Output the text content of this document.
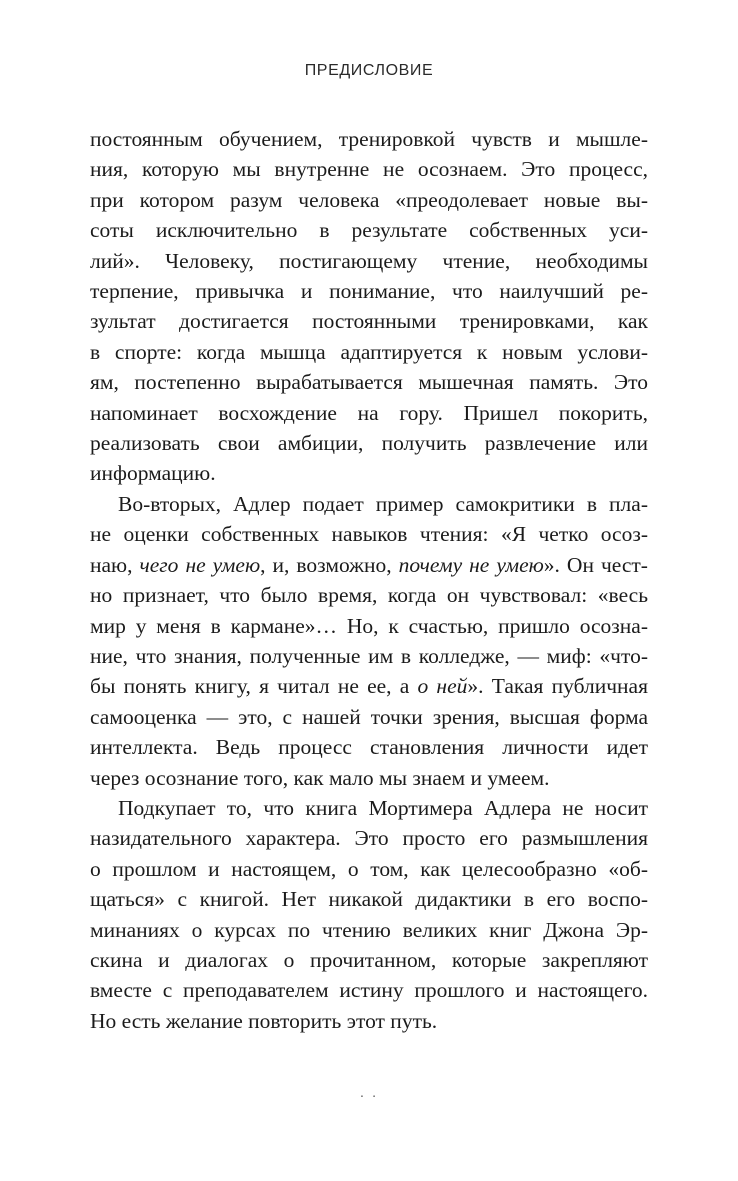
ПРЕДИСЛОВИЕ

постоянным обучением, тренировкой чувств и мышле-
ния, которую мы внутренне не осознаем. Это процесс,
при котором разум человека «преодолевает новые вы-
соты исключительно в результате собственных уси-
лий». Человеку, постигающему чтение, необходимы
терпение, привычка и понимание, что наилучший ре-
зультат достигается постоянными тренировками, как
в спорте: когда мышца адаптируется к новым услови-
ям, постепенно вырабатывается мышечная память. Это
напоминает восхождение на гору. Пришел покорить,
реализовать свои амбиции, получить развлечение или
информацию.

Во-вторых, Адлер подает пример самокритики в пла-
не оценки собственных навыков чтения: «Я четко осоз-
наю, чего не умею, и, возможно, почему не умею». Он чест-
но признает, что было время, когда он чувствовал: «весь
мир у меня в кармане»… Но, к счастью, пришло осозна-
ние, что знания, полученные им в колледже, — миф: «что-
бы понять книгу, я читал не ее, а о ней». Такая публичная
самооценка — это, с нашей точки зрения, высшая форма
интеллекта. Ведь процесс становления личности идет
через осознание того, как мало мы знаем и умеем.

Подкупает то, что книга Мортимера Адлера не носит
назидательного характера. Это просто его размышления
о прошлом и настоящем, о том, как целесообразно «об-
щаться» с книгой. Нет никакой дидактики в его воспо-
минаниях о курсах по чтению великих книг Джона Эр-
скина и диалогах о прочитанном, которые закрепляют
вместе с преподавателем истину прошлого и настоящего.
Но есть желание повторить этот путь.

· ·
